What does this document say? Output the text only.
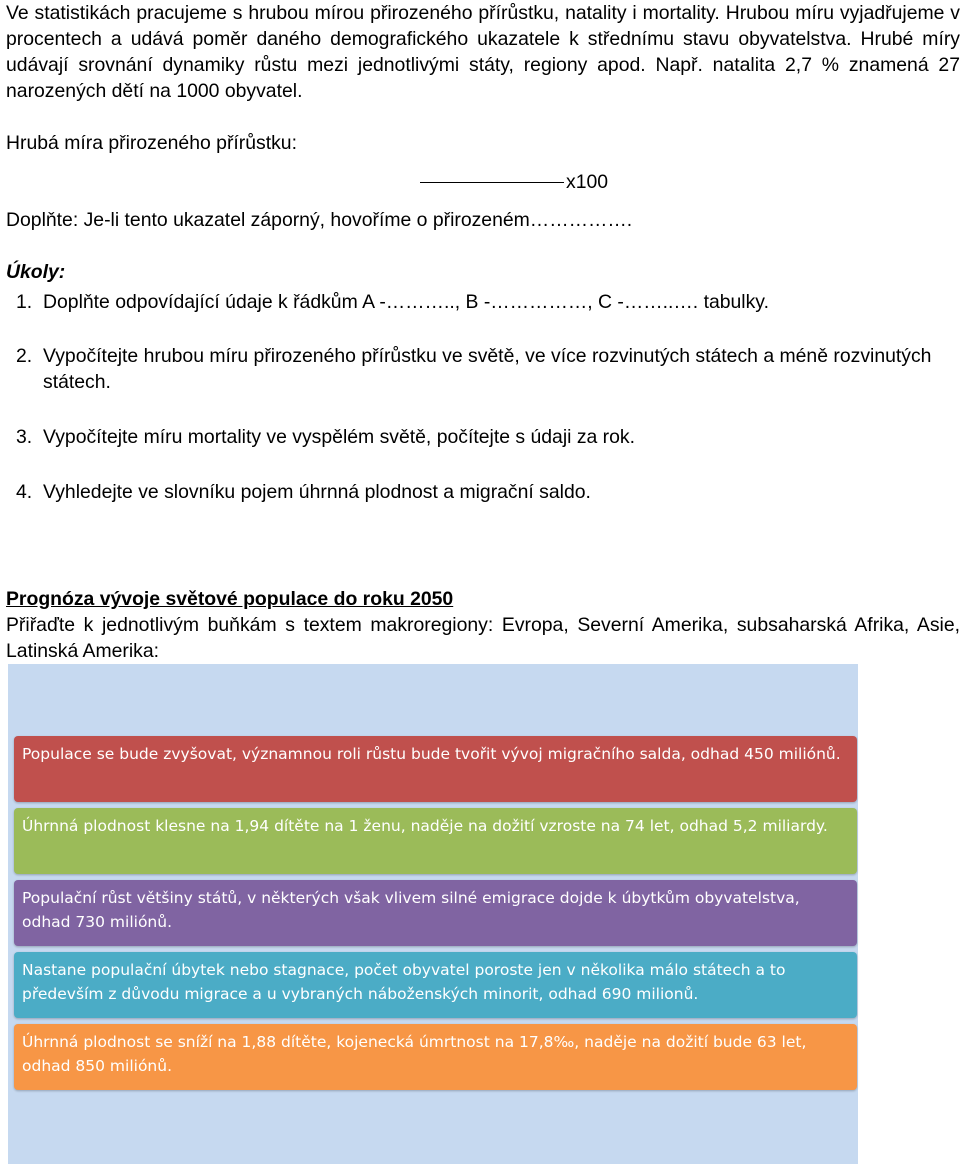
Ve statistikách pracujeme s hrubou mírou přirozeného přírůstku, natality i mortality. Hrubou míru vyjadřujeme v procentech a udává poměr daného demografického ukazatele k střednímu stavu obyvatelstva. Hrubé míry udávají srovnání dynamiky růstu mezi jednotlivými státy, regiony apod. Např. natalita 2,7 % znamená 27 narozených dětí na 1000 obyvatel.

Hrubá míra přirozeného přírůstku:
x100
Doplňte: Je-li tento ukazatel záporný, hovoříme o přirozeném…………….
Úkoly:
1. Doplňte odpovídající údaje k řádkům A -……….., B -……………, C -……..…. tabulky.
2. Vypočítejte hrubou míru přirozeného přírůstku ve světě, ve více rozvinutých státech a méně rozvinutých státech.
3. Vypočítejte míru mortality ve vyspělém světě, počítejte s údaji za rok.
4. Vyhledejte ve slovníku pojem úhrnná plodnost a migrační saldo.
Prognóza vývoje světové populace do roku 2050
Přiřaďte k jednotlivým buňkám s textem makroregiony: Evropa, Severní Amerika, subsaharská Afrika, Asie, Latinská Amerika:
Populace se bude zvyšovat, významnou roli růstu bude tvořit vývoj migračního salda, odhad 450 miliónů.
Úhrnná plodnost klesne na 1,94 dítěte na 1 ženu, naděje na dožití vzroste na 74 let, odhad 5,2 miliardy.
Populační růst většiny států, v některých však vlivem silné emigrace dojde k úbytkům obyvatelstva, odhad 730 miliónů.
Nastane populační úbytek nebo stagnace, počet obyvatel poroste jen v několika málo státech a to především z důvodu migrace a u vybraných náboženských minorit, odhad 690 milionů.
Úhrnná plodnost se sníží na 1,88 dítěte, kojenecká úmrtnost na 17,8‰, naděje na dožití bude 63 let, odhad 850 miliónů.
